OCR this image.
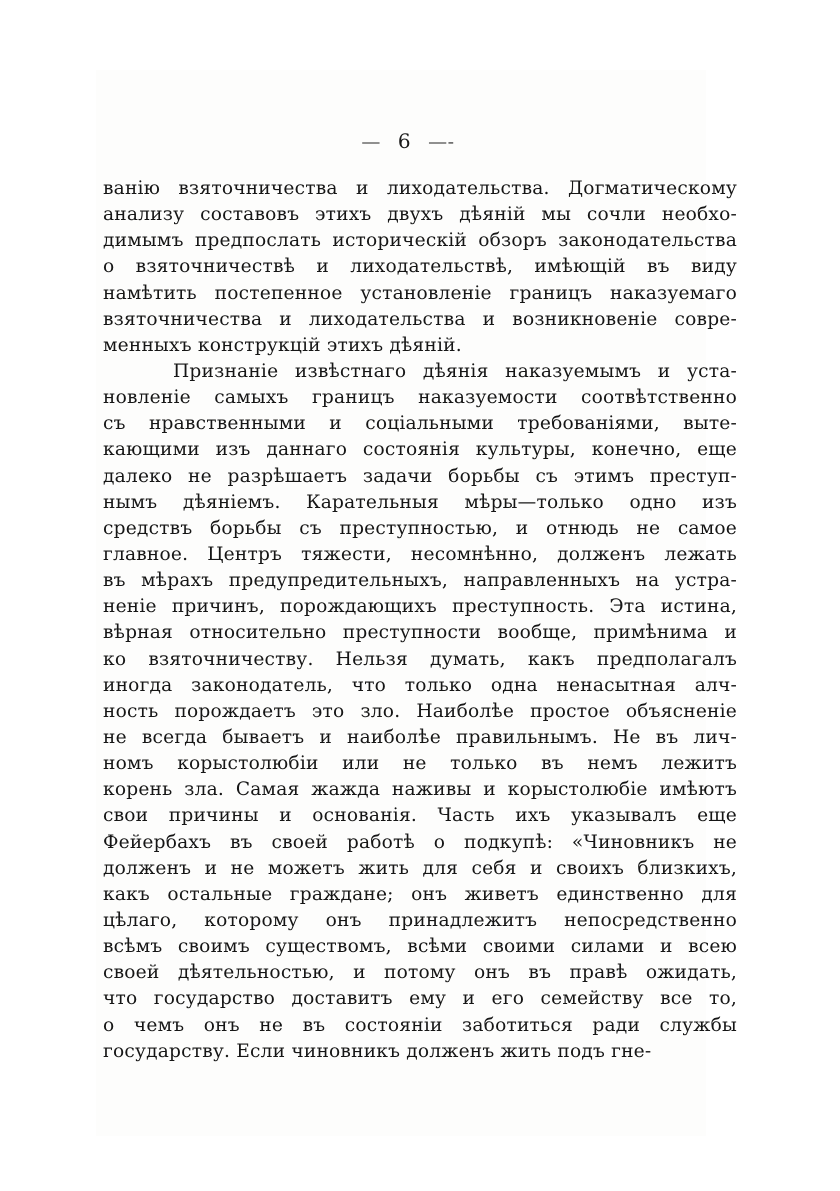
— 6 —-
ванію взяточничества и лиходательства. Догматическому
анализу составовъ этихъ двухъ дѣяній мы сочли необхо-
димымъ предпослать историческій обзоръ законодательства
о взяточничествѣ и лиходательствѣ, имѣющій въ виду
намѣтить постепенное установленіе границъ наказуемаго
взяточничества и лиходательства и возникновеніе совре-
менныхъ конструкцій этихъ дѣяній.
Признаніе извѣстнаго дѣянія наказуемымъ и уста-
новленіе самыхъ границъ наказуемости соотвѣтственно
съ нравственными и соціальными требованіями, выте-
кающими изъ даннаго состоянія культуры, конечно, еще
далеко не разрѣшаетъ задачи борьбы съ этимъ преступ-
нымъ дѣяніемъ. Карательныя мѣры—только одно изъ
средствъ борьбы съ преступностью, и отнюдь не самое
главное. Центръ тяжести, несомнѣнно, долженъ лежать
въ мѣрахъ предупредительныхъ, направленныхъ на устра-
неніе причинъ, порождающихъ преступность. Эта истина,
вѣрная относительно преступности вообще, примѣнима и
ко взяточничеству. Нельзя думать, какъ предполагалъ
иногда законодатель, что только одна ненасытная алч-
ность порождаетъ это зло. Наиболѣе простое объясненіе
не всегда бываетъ и наиболѣе правильнымъ. Не въ лич-
номъ корыстолюбіи или не только въ немъ лежитъ
корень зла. Самая жажда наживы и корыстолюбіе имѣютъ
свои причины и основанія. Часть ихъ указывалъ еще
Фейербахъ въ своей работѣ о подкупѣ: «Чиновникъ не
долженъ и не можетъ жить для себя и своихъ близкихъ,
какъ остальные граждане; онъ живетъ единственно для
цѣлаго, которому онъ принадлежитъ непосредственно
всѣмъ своимъ существомъ, всѣми своими силами и всею
своей дѣятельностью, и потому онъ въ правѣ ожидать,
что государство доставитъ ему и его семейству все то,
о чемъ онъ не въ состояніи заботиться ради службы
государству. Если чиновникъ долженъ жить подъ гне-
